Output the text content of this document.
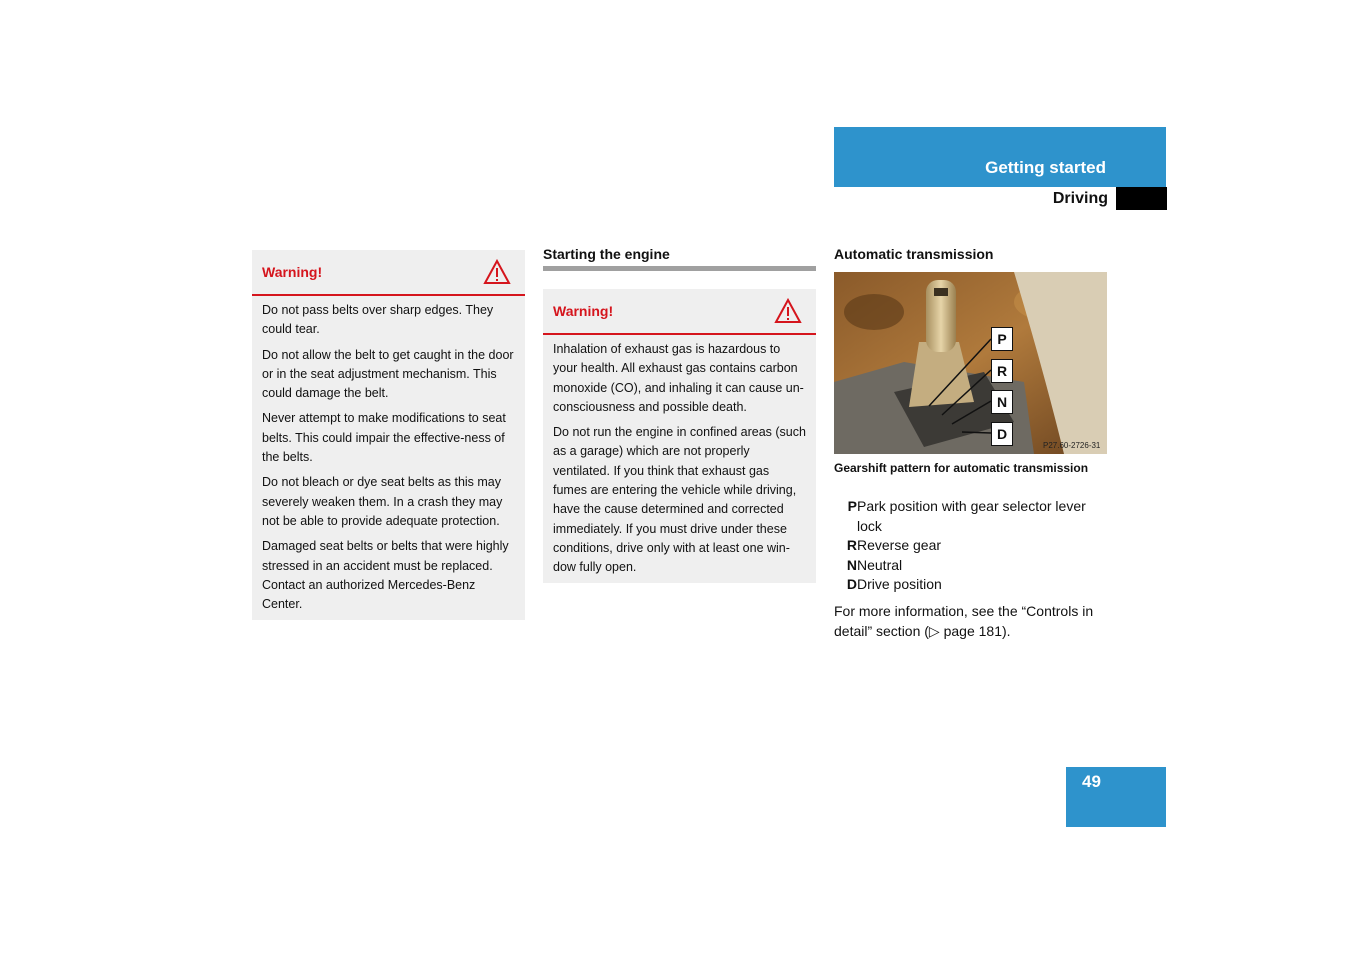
Getting started
Driving
Warning!

Do not pass belts over sharp edges. They could tear.

Do not allow the belt to get caught in the door or in the seat adjustment mechanism. This could damage the belt.

Never attempt to make modifications to seat belts. This could impair the effective-ness of the belts.

Do not bleach or dye seat belts as this may severely weaken them. In a crash they may not be able to provide adequate protection.

Damaged seat belts or belts that were highly stressed in an accident must be replaced. Contact an authorized Mercedes-Benz Center.

Starting the engine
Warning!

Inhalation of exhaust gas is hazardous to your health. All exhaust gas contains carbon monoxide (CO), and inhaling it can cause un-consciousness and possible death.

Do not run the engine in confined areas (such as a garage) which are not properly ventilated. If you think that exhaust gas fumes are entering the vehicle while driving, have the cause determined and corrected immediately. If you must drive under these conditions, drive only with at least one win-dow fully open.

Automatic transmission
P
R
N
D
P27.60-2726-31
Gearshift pattern for automatic transmission
P Park position with gear selector lever lock
R Reverse gear
N Neutral
D Drive position
For more information, see the “Controls in detail” section (▷ page 181).
49
